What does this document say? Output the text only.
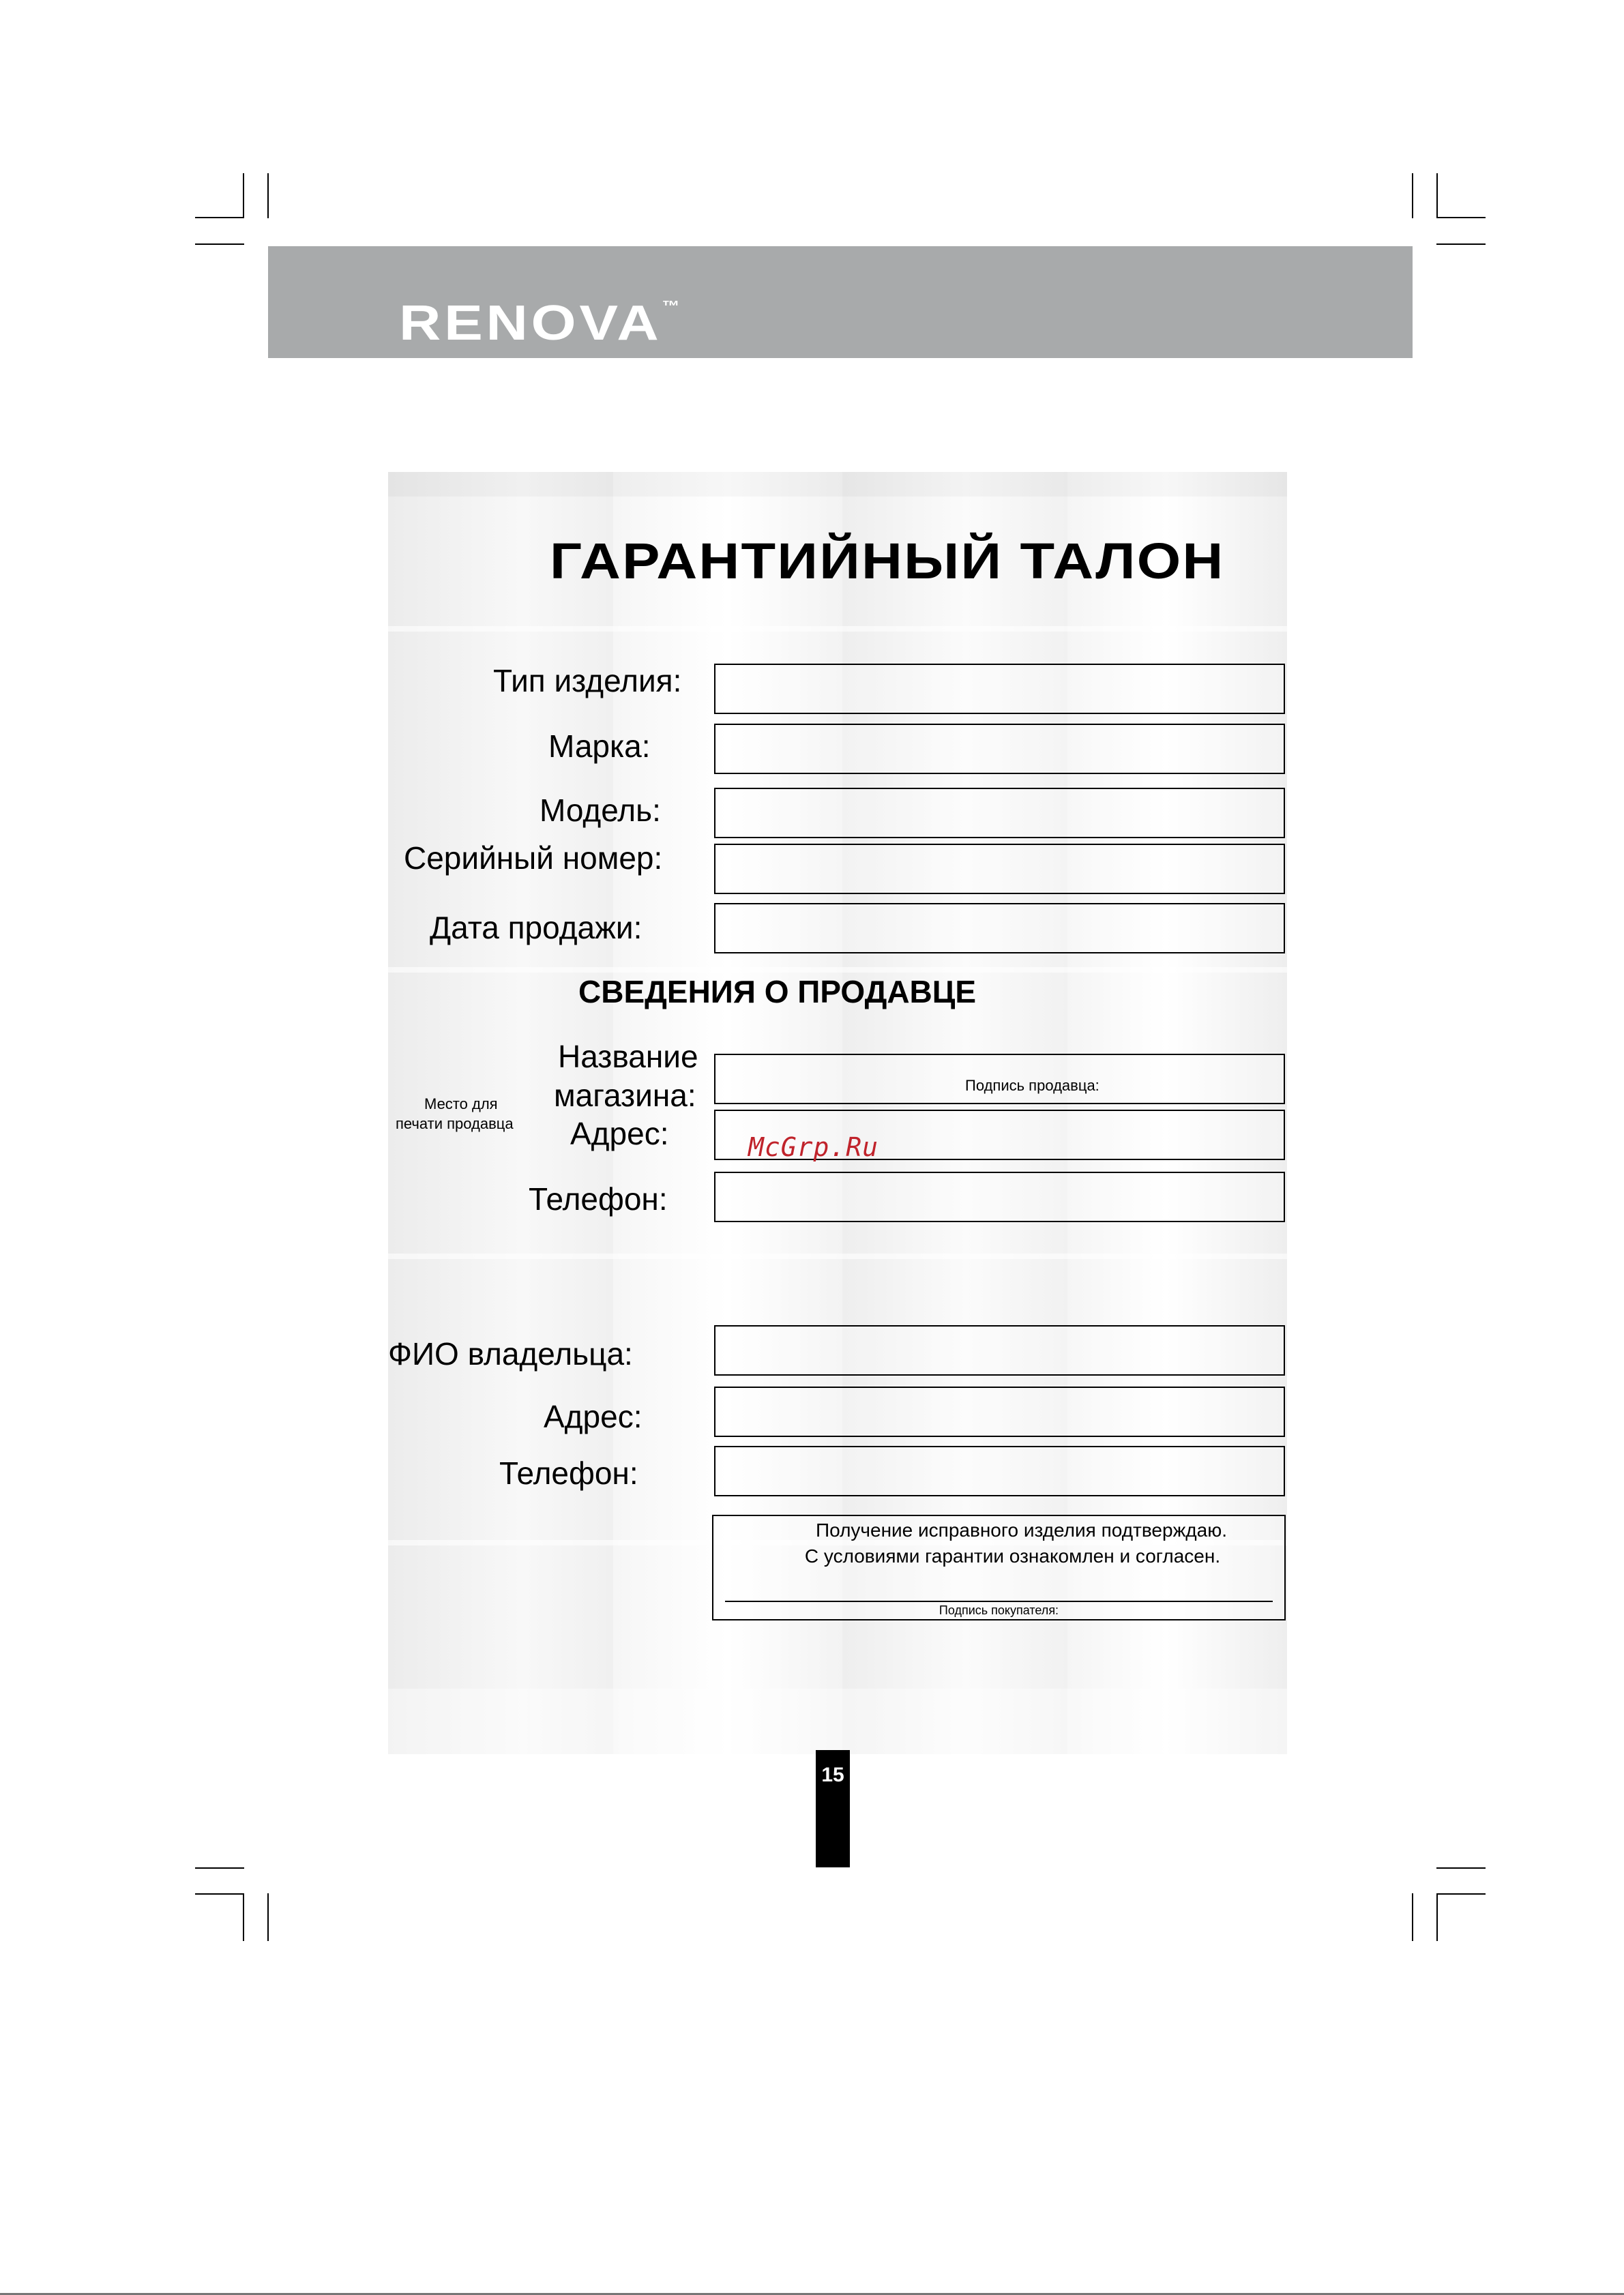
RENOVA™
ГАРАНТИЙНЫЙ ТАЛОН
Тип изделия:
Марка:
Модель:
Серийный номер:
Дата продажи:
СВЕДЕНИЯ О ПРОДАВЦЕ
Название
магазина:	Подпись продавца:
Место для
печати продавца Адрес:	McGrp.Ru
Телефон:
ФИО владельца:
Адрес:
Телефон:
Получение исправного изделия подтверждаю.
С условиями гарантии ознакомлен и согласен.
Подпись покупателя:
15
